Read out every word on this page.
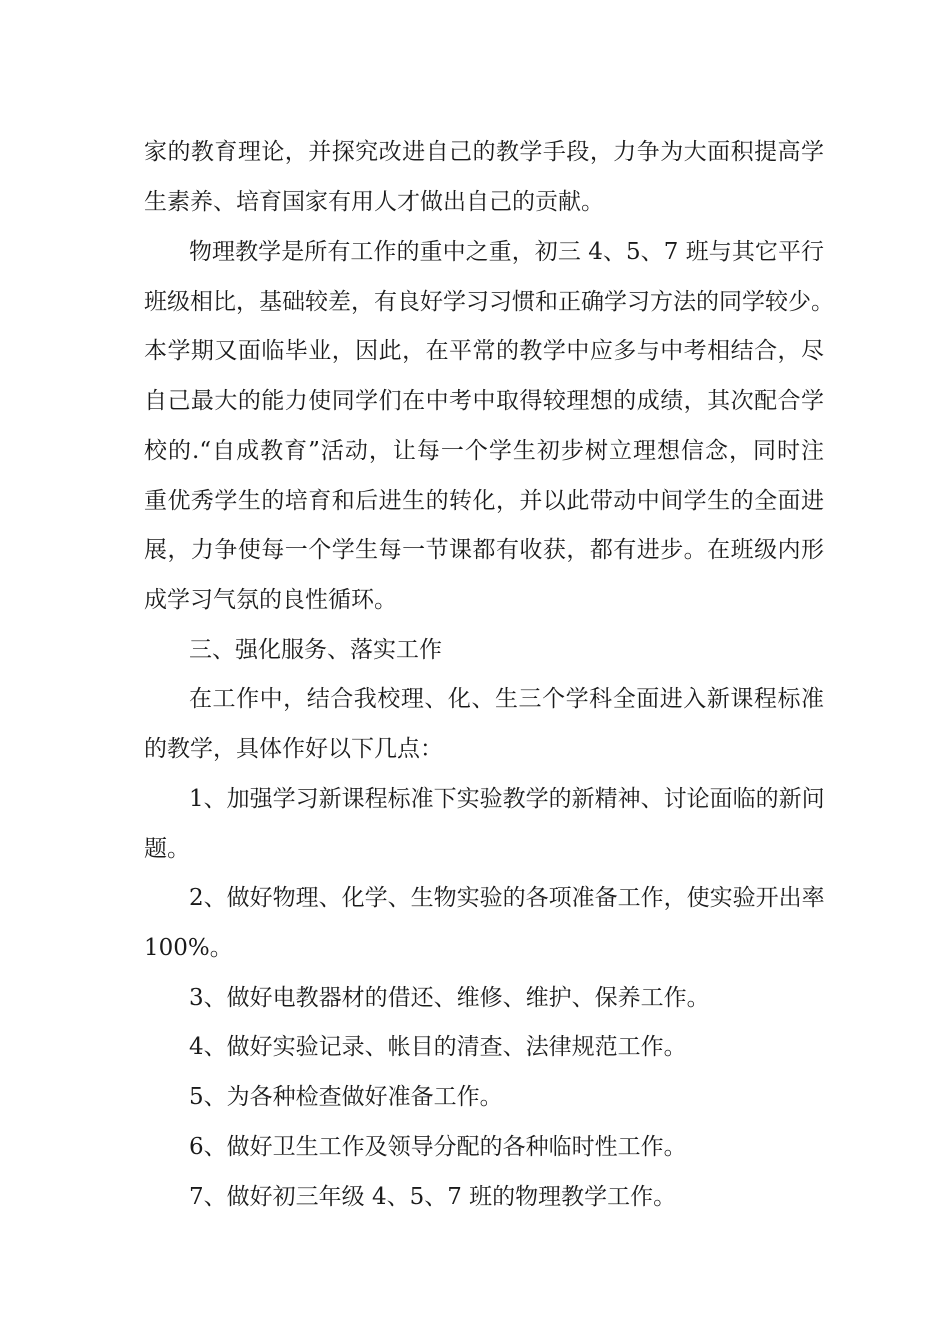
家的教育理论，并探究改进自己的教学手段，力争为大面积提高学
生素养、培育国家有用人才做出自己的贡献。
物理教学是所有工作的重中之重，初三 4、5、7 班与其它平行
班级相比，基础较差，有良好学习习惯和正确学习方法的同学较少。
本学期又面临毕业，因此，在平常的教学中应多与中考相结合，尽
自己最大的能力使同学们在中考中取得较理想的成绩，其次配合学
校的.“自成教育”活动，让每一个学生初步树立理想信念，同时注
重优秀学生的培育和后进生的转化，并以此带动中间学生的全面进
展，力争使每一个学生每一节课都有收获，都有进步。在班级内形
成学习气氛的良性循环。
三、强化服务、落实工作
在工作中，结合我校理、化、生三个学科全面进入新课程标准
的教学，具体作好以下几点：
1、加强学习新课程标准下实验教学的新精神、讨论面临的新问
题。
2、做好物理、化学、生物实验的各项准备工作，使实验开出率
100%。
3、做好电教器材的借还、维修、维护、保养工作。
4、做好实验记录、帐目的清查、法律规范工作。
5、为各种检查做好准备工作。
6、做好卫生工作及领导分配的各种临时性工作。
7、做好初三年级 4、5、7 班的物理教学工作。
